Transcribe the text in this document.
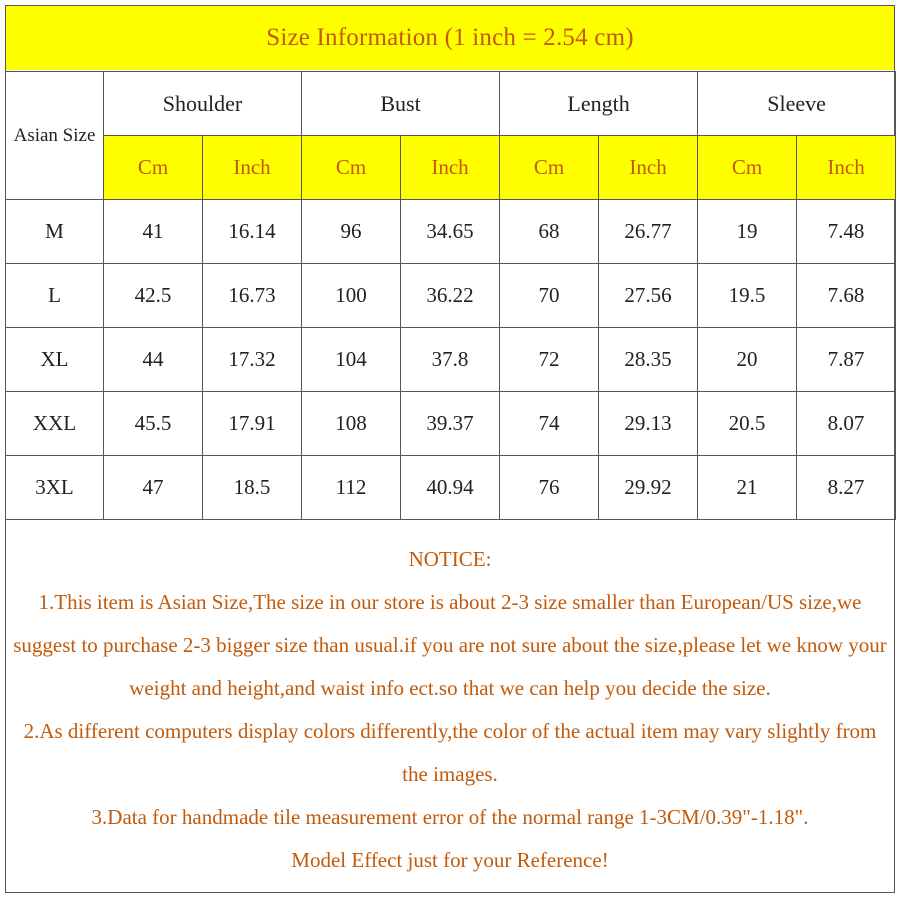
Size Information (1 inch = 2.54 cm)
Asian Size	Shoulder		Bust		Length		Sleeve	
	Cm	Inch	Cm	Inch	Cm	Inch	Cm	Inch
M	41	16.14	96	34.65	68	26.77	19	7.48
L	42.5	16.73	100	36.22	70	27.56	19.5	7.68
XL	44	17.32	104	37.8	72	28.35	20	7.87
XXL	45.5	17.91	108	39.37	74	29.13	20.5	8.07
3XL	47	18.5	112	40.94	76	29.92	21	8.27

NOTICE:

1.This item is Asian Size,The size in our store is about 2-3 size smaller than European/US size,we suggest to purchase 2-3 bigger size than usual.if you are not sure about the size,please let we know your weight and height,and waist info ect.so that we can help you decide the size.

2.As different computers display colors differently,the color of the actual item may vary slightly from the images.

3.Data for handmade tile measurement error of the normal range 1-3CM/0.39"-1.18".

Model Effect just for your Reference!
